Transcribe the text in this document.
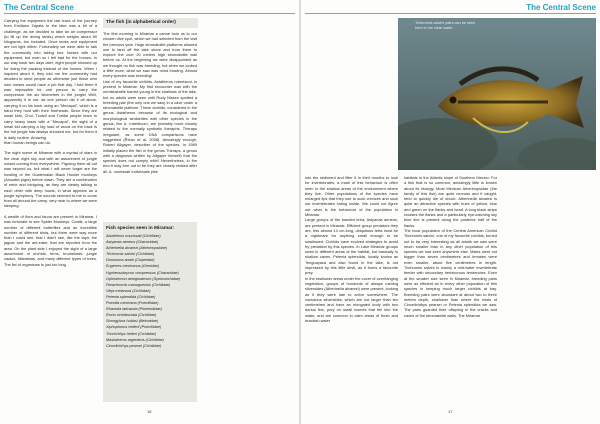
The Central Scene
Carrying the equipment the last track of the journey from Emiliano Zapata to the lake was a bit of a challenge, as we decided to take an air compressor (to fill up the diving tanks) which weighs about 80 kilograms, too included. Once tanks and equipment are not light either. Fortunately we were able to talk the community into taking four horses with our equipment, but even so I felt bad for the horses. In our way back two days later, eight people showed up for doing the packing instead of the horses. When I inquired about it, they told me the community had decided to send people as otherwise just those who own horses would have a job that day. I told them it was impossible for one person to carry the compressor the six kilometres in the jungle! Well, apparently it is not, as one person did it all alone, carrying it on his back using an "Mecapal", which is a band they hold with their foreheads. Since they are small kids, Chol, Tzotzil and Tzeltal people learn to carry heavy loads with a "Mecapal", the sight of a small kid carrying a big load of wood on the back is the hot jungle has always shocked me, but for them it is daily routine. Amazing
than human beings can do.

The night scene at Miramar with a myriad of stars in the clear night sky and with an assortment of jungle noises coming from everywhere. Figuring them all out was beyond us, but what I will never forget are the howling of the Guatemalan Black Howler monkeys (Alouatta pigra) before dawn. They are a combination of eerie and intriguing, as they are clearly talking to each other with deep howls, in what appears as a jungle symphony. The sounds seemed to me to come from all around the camp, very near to where we were sleeping.

A wealth of flora and fauna are present in Miramar, I was fortunate to see Spider Monkeys, Coatis, a large number of different butterflies and an incredible number of different birds, but there were way more than I could see, that I didn't see, like the tapir, the jaguar and the ant-eater, that are reported from the area. On the plant side I enjoyed the sight of a large assortment of orchids, ferns, bromeliads, jungle cactus, tillandsias, and many different types of trees. The list of organisms is just too long.
The fish (in alphabetical order)
The first morning in Miramar a canoe took us to our chosen dive spot, which we had selected from the visit the previous year. Huge stromatolite platforms allowed use to land off the lake shore and from there to explore the over 20 meters high stromatolite wall before us. At the beginning we were disappointed as we thought no fish was breeding, but when we looked a little more, what we saw was mind blowing. Almost every species was breeding!
Use of my favourite cichlids, Astatheros robertsoni, is present in Miramar. My first encounter was with the unmistakable barred young in the shallows of the lake, but no adults were seen until Rudy Nissen spotted a breeding pair (the only one we saw) in a cave under a stromatolite platform. These cichlids, considered in the genus Astatheros because of its ecological and morphological similarities with other species in the genus, like A. ruberticum, are probably more closely related to the normally synthetic theraphs. Theraps irregulare, as some DNA comparisons have suggested (Říčan et al. 2008). Amazingly enough, Robert Allgayer, describer of the species, in 1989 initially placed the fish in the genus Theraps, a genus with a diagnosis written by Allgayer himself) that the species does not comply with!! Nevertheless, in the end it may turn out to be they are closely related after all. A. nourissati Individuals pike
Fish species seen in Miramar:
Astatheros nourissati (Cichlidae)
Astyanax aeneus (Characidae)
Atherinella alvarezi (Atherinopsidae)
Trichromis salvini (Cichlidae)
Dorosoma anale (Clupeidae)
Eugerres mexicanus (Gerridae)
Hyphessobrycon compressus (Characidae)
Ophisternon aenigmaticum (Synbranchidae)
Parachromis managuensis (Cichlidae)
Vieja melanura (Cichlidae)
Petenia splendida (Cichlidae)
Poecilia mexicana (Poeciliidae)
Rhamdia laticauda (Pimelodidae)
Rocio octofasciata (Cichlidae)
Strongylura hubbsi (Belonidae)
Xiphophorus hellerii (Poeciliidae)
Thorichthys helleri (Cichlidae)
Maskaheros argenteus (Cichlidae)
Cincelichthys pearsei (Cichlidae)
16
The Central Scene
into the sediment and filter it in their mouths to look for invertebrates, a mark of this behaviour is often seen in the shallow areas of the environment where they live. Other populations of the species have enlarged lips that they use to suck crevices and suck out invertebrates hiding inside. We could not figure out what is the behaviour of the population in Miramar.
Large groups of the banded tetra, Astyanax aeneus, are present in Miramar. Efficient group predators they are, this almost 14 cm-long, ubiquitous tetra must be a nightmare for anything small enough to be swallowed. Cichlids have evolved strategies to avoid fry predation by this species. In Lake Miramar groups swim in different areas of the habitat, but basically in shallow caves. Petenia splendida, locally known as Tenguayaca and also found in the lake, is not impressed by this little devil, as it forms a favourite prey.
In the shallower areas under the cover of overhanging vegetation, groups of hundreds of always rushing silversides (Atherinella alvarezi) were present, looking as if they were late to arrive somewhere. The voracious silversides, which are not larger than ten centimetres and have an elongated body with two dorsal fins, prey on small insects that fell into the water, and are common in calm areas of fresh and brackish water
habitats in the Atlantic slope of Southern Mexico. For a fish that is so common, amazingly little is known about its biology. Most Mexican Atherinopsidae (the family of this fish) are quite nervous and if caught, tend to quickly die of shock. Atherinella alvarezi is quite an attractive species with hues of yellow, blue and green on the flanks and head. A long black stripe crosses the flanks and a particularly eye-catching sky blue line is present along the posterior half of the flanks.
The local population of the Central American Cichlid Trichromis salvini, one of my favourite cichlids, turned out to be very interesting as all adults we saw were much smaller than in any other population of this species we had seen anywhere else. Males were not bigger than seven centimetres and females were even smaller, about five centimetres in length. Trichromis salvini is mainly a mid-water invertebrate feeder with secondary herbivorous tendencies. Even at the smaller size seen in Miramar, breeding pairs were as efficient as in every other population of this species in keeping much larger cichlids at bay. Breeding pairs were abundant at about two to three meters depth, shallower than where the nests of Cincelichthys pearsei or Petenia splendida we saw. The pairs guarded their offspring in the cracks and caves of the stromatolite walls. The Miramar
17
Trichromis salvini pairs can be seen here in the clear water.
